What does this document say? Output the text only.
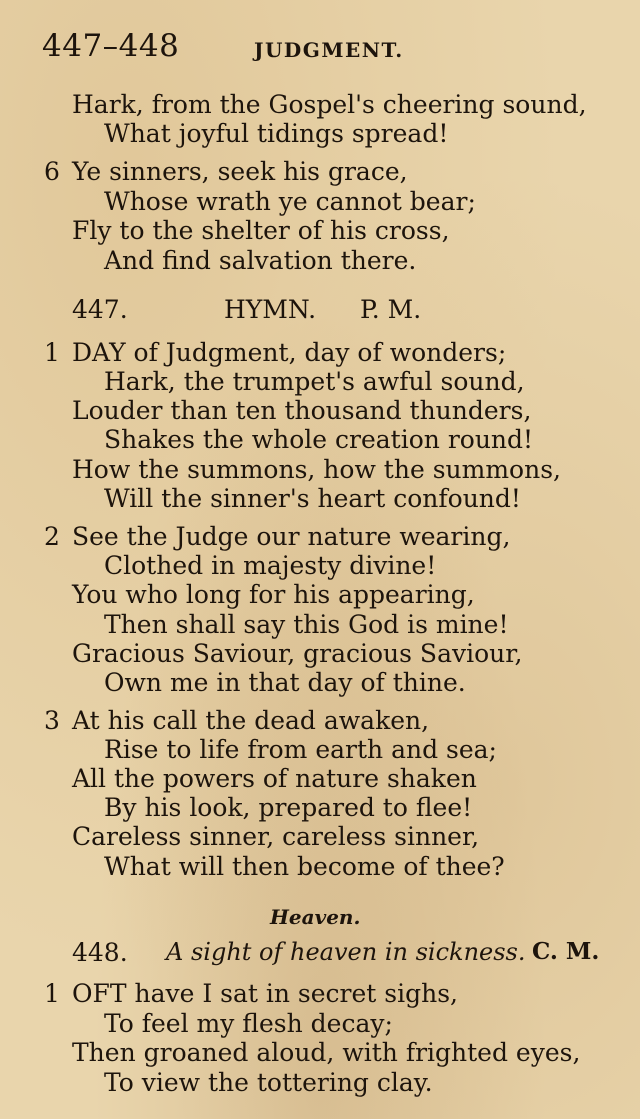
447–448	JUDGMENT.
Hark, from the Gospel's cheering sound,
What joyful tidings spread!
6 Ye sinners, seek his grace,
Whose wrath ye cannot bear;
Fly to the shelter of his cross,
And find salvation there.
447.	HYMN. P. M.
1 DAY of Judgment, day of wonders;
Hark, the trumpet's awful sound,
Louder than ten thousand thunders,
Shakes the whole creation round!
How the summons, how the summons,
Will the sinner's heart confound!
2 See the Judge our nature wearing,
Clothed in majesty divine!
You who long for his appearing,
Then shall say this God is mine!
Gracious Saviour, gracious Saviour,
Own me in that day of thine.
3 At his call the dead awaken,
Rise to life from earth and sea;
All the powers of nature shaken
By his look, prepared to flee!
Careless sinner, careless sinner,
What will then become of thee?
Heaven.
448. A sight of heaven in sickness. C. M.
1 OFT have I sat in secret sighs,
To feel my flesh decay;
Then groaned aloud, with frighted eyes,
To view the tottering clay.
